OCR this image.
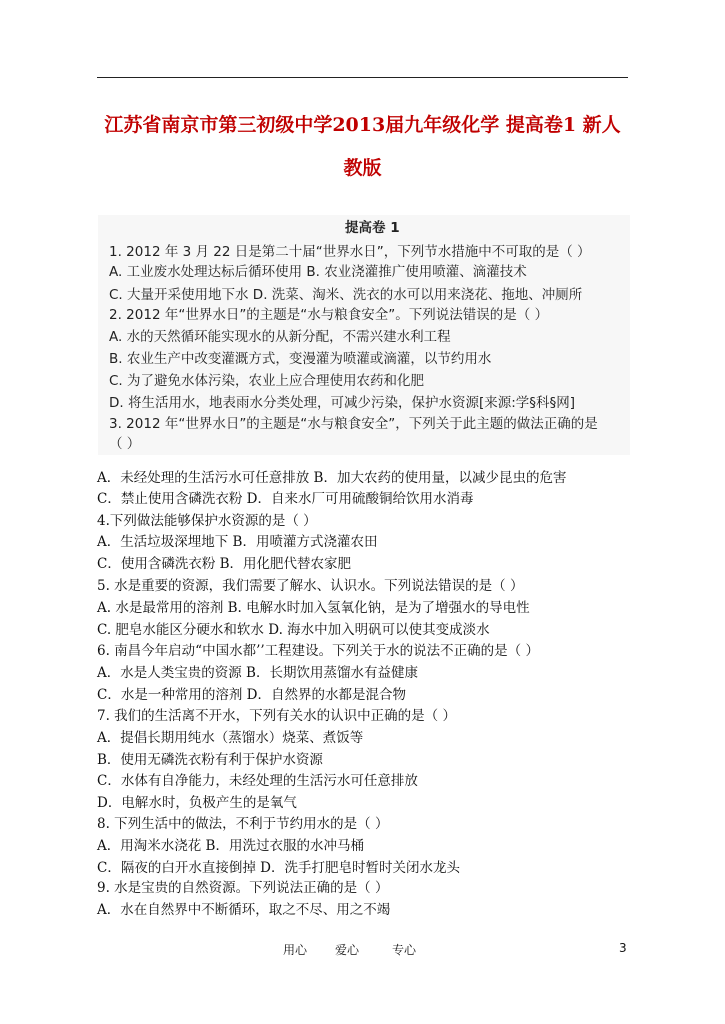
江苏省南京市第三初级中学2013届九年级化学 提高卷1 新人
教版
提高卷 1
1. 2012 年 3 月 22 日是第二十届“世界水日”，下列节水措施中不可取的是（ ）
A. 工业废水处理达标后循环使用 B. 农业浇灌推广使用喷灌、滴灌技术
C. 大量开采使用地下水 D. 洗菜、淘米、洗衣的水可以用来浇花、拖地、冲厕所
2. 2012 年“世界水日”的主题是“水与粮食安全”。下列说法错误的是（ ）
A. 水的天然循环能实现水的从新分配，不需兴建水利工程
B. 农业生产中改变灌溉方式，变漫灌为喷灌或滴灌，以节约用水
C. 为了避免水体污染，农业上应合理使用农药和化肥
D. 将生活用水，地表雨水分类处理，可减少污染，保护水资源[来源:学§科§网]
3. 2012 年“世界水日”的主题是“水与粮食安全”，下列关于此主题的做法正确的是
（ ）
A．未经处理的生活污水可任意排放 B．加大农药的使用量，以减少昆虫的危害
C．禁止使用含磷洗衣粉 D．自来水厂可用硫酸铜给饮用水消毒
4.下列做法能够保护水资源的是（ ）
A．生活垃圾深埋地下 B．用喷灌方式浇灌农田
C．使用含磷洗衣粉 B．用化肥代替农家肥
5. 水是重要的资源，我们需要了解水、认识水。下列说法错误的是（ ）
A. 水是最常用的溶剂 B. 电解水时加入氢氧化钠，是为了增强水的导电性
C. 肥皂水能区分硬水和软水 D. 海水中加入明矾可以使其变成淡水
6. 南昌今年启动“中国水都’’工程建设。下列关于水的说法不正确的是（ ）
A．水是人类宝贵的资源 B．长期饮用蒸馏水有益健康
C．水是一种常用的溶剂 D．自然界的水都是混合物
7. 我们的生活离不开水，下列有关水的认识中正确的是（ ）
A．提倡长期用纯水（蒸馏水）烧菜、煮饭等
B．使用无磷洗衣粉有利于保护水资源
C．水体有自净能力，未经处理的生活污水可任意排放
D．电解水时，负极产生的是氧气
8. 下列生活中的做法，不利于节约用水的是（ ）
A．用淘米水浇花 B．用洗过衣服的水冲马桶
C．隔夜的白开水直接倒掉 D．洗手打肥皂时暂时关闭水龙头
9. 水是宝贵的自然资源。下列说法正确的是（ ）
A．水在自然界中不断循环，取之不尽、用之不竭
用心 爱心	专心	3
